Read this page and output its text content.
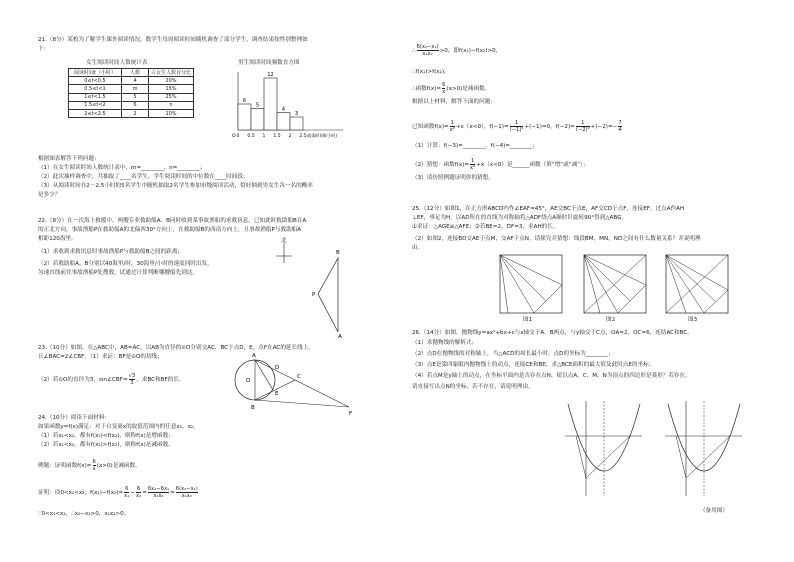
21.（8分）某校为了解学生课外阅读情况，数学生每周阅读时间随机调查了部分学生，调查结果按性别整理如
下：
女生阅读时间人数统计表
阅读时间t（小时）	人数	占女生人数百分比
0≤t<0.5	4	20%
0.5≤t<1	m	15%
1≤t<1.5	5	25%
1.5≤t<2	6	n
2≤t<2.5	2	10%
男生阅读时间频数直方图
6
5
12
4
3
0 0.5 1 1.5 2 2.5
O	阅读时间t(小时)
根据图表解答下列问题：
（1）在女生阅读时间人数统计表中，m=________，n=________；
（2）此次抽样调查中，共抽取了____名学生，学生阅读时间的中位数在____时间段；
（3）从阅读时间在2～2.5小时的5名学生中随机抽取2名学生参加市级阅读活动，恰好抽到男女生各一名的概率
是多少？
22.（8分）在一次海上救援中，两艘专业救助船A、B同时收到某事故渔船的求救讯息，已知此时救助船B在A
的正北方向，事故渔船P在救助船A的北偏西30°方向上，在救助船B的西南方向上，且事故渔船P与救助船A
相距120海里。
（1）求收到求救讯息时事故渔船P与救助船B之间的距离；
（2）若救助船A，B分别以40海里/时，30海里/小时的速度同时出发，
匀速直线前往事故渔船P处搜救，试通过计算判断哪艘船先到达。
北
B
P
A
23.（10分）如图，在△ABC中，AB=AC，以AB为直径的⊙O分别交AC，BC于点D，E，点F在AC的延长线上，
且∠BAC=2∠CBF。（1）求证：BF是⊙O的切线；
（2）若⊙O的直径为3，sin∠CBF= $\frac{√3}{3}$ ，求BC和BF的长。
A
O
D
C
E
B
F
24.（10分）阅读下面材料：
如果函数y=f(x)满足：对于自变量x的取值范围内的任意x₁，x₂，
（1）若x₁<x₂，都有f(x₁)<f(x₂)，则称f(x)是增函数；
（2）若x₁<x₂，都有f(x₁)>f(x₂)，则称f(x)是减函数。
例题：证明函数$f(x)= \frac{6}{x} (x>0)$是减函数。
证明：设0<x₁<x₂，$f(x_1)-f(x_2)= \frac{6}{\text{x₁}} - \frac{6}{\text{x₂}} = \frac{\text{6x₂−6x₁}}{\text{x₁x₂}} = \frac{\text{6(x₂−x₁)}}{\text{x₁x₂}}$
∵0<x₁<x₂，∴x₂−x₁>0，x₁x₂>0。
∴ $\frac{\text{6(x₂−x₁)}}{\text{x₁x₂}} >0$，即f(x₁)−f(x₂)>0，
∴f(x₁)>f(x₂)，
∴函数$f(x)= \frac{6}{x} (x>0)$是减函数。
根据以上材料，解答下面的问题：
已知函数$f(x)= \frac{1}{\text{x²}} +x(x<0)$，$f(-1)= \frac{1}{\text{(−1)²}} +(-1)=0$，$f(-2)= \frac{1}{\text{(−2)²}} +(-2)=- \frac{7}{4}$
（1）计算：f(−3)=________，f(−4)=________；
（2）猜想：函数$f(x)= \frac{1}{\text{x²}} +x(x<0)$是______函数（填“增”或“减”）；
（3）请仿照例题证明你的猜想。
25.（12分）如图1，在正方形ABCD内作∠EAF=45°，AE交BC于点E，AF交CD于点F，连接EF，过点A作AH
⊥EF，垂足为H。以AD所在的直线为对称轴将△ADF绕点A顺时针旋转90°得到△ABG。
①求证：△AGE≌△AFE；②若BE=2，DF=3，求AH的长。
（2）如图2，连接BD交AE于点M，交AF于点N。请探究并猜想：线段BM，MN，ND之间有什么数量关系？并说明理
由。
图1	图2	图3
26.（14分）如图，抛物线y=ax²+bx+c与x轴交于A，B两点，与y轴交于C点，OA=2，OC=6，连结AC和BC。
（1）求抛物线的解析式；
（2）点D在抛物线的对称轴上，当△ACD的周长最小时，点D的坐标为________；
（3）点E是第四象限内抛物线上的动点，连接CE和BE，求△BCE面积的最大值及此时点E的坐标；
（4）若点M是y轴上的动点，在坐标平面内是否存在点N，使以点A，C，M，N为顶点的四边形是菱形？若存在，
请直接写出点N的坐标；若不存在，请说明理由。
（备用图）
